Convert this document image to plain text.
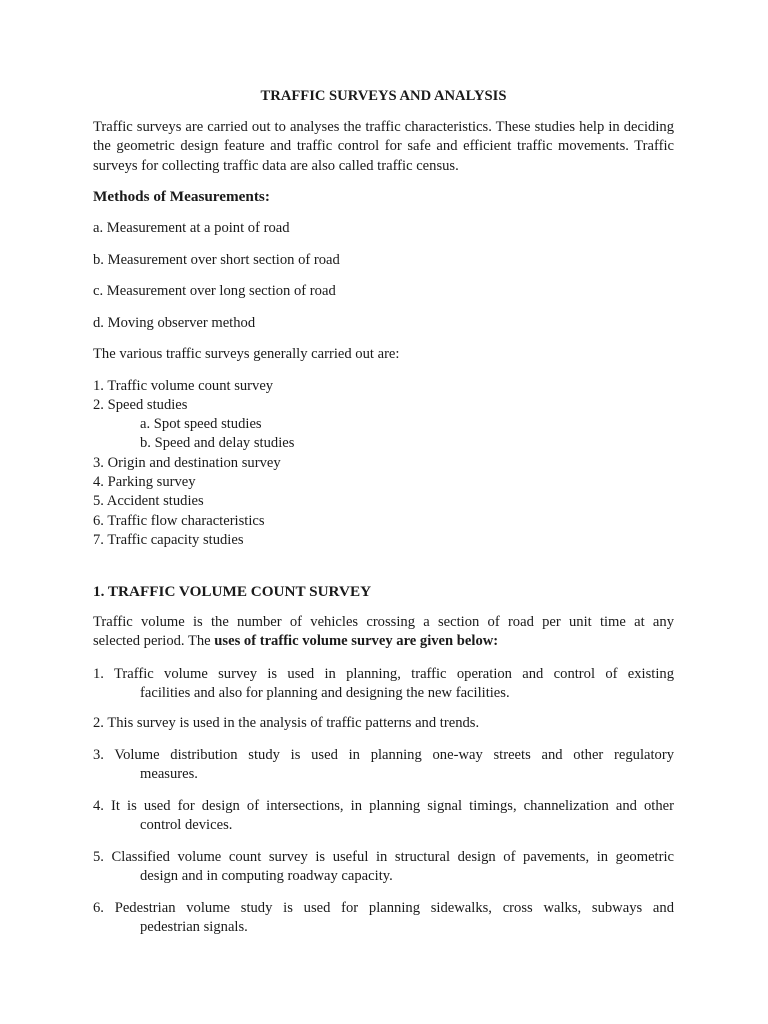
TRAFFIC SURVEYS AND ANALYSIS

Traffic surveys are carried out to analyses the traffic characteristics. These studies help in deciding the geometric design feature and traffic control for safe and efficient traffic movements. Traffic surveys for collecting traffic data are also called traffic census.

Methods of Measurements:
a. Measurement at a point of road
b. Measurement over short section of road
c. Measurement over long section of road
d. Moving observer method
The various traffic surveys generally carried out are:
1. Traffic volume count survey
2. Speed studies
a. Spot speed studies
b. Speed and delay studies
3. Origin and destination survey
4. Parking survey
5. Accident studies
6. Traffic flow characteristics
7. Traffic capacity studies
1. TRAFFIC VOLUME COUNT SURVEY
Traffic volume is the number of vehicles crossing a section of road per unit time at any
selected period. The uses of traffic volume survey are given below:
1. Traffic volume survey is used in planning, traffic operation and control of existing
facilities and also for planning and designing the new facilities.
2. This survey is used in the analysis of traffic patterns and trends.
3. Volume distribution study is used in planning one-way streets and other regulatory
measures.
4. It is used for design of intersections, in planning signal timings, channelization and other
control devices.
5. Classified volume count survey is useful in structural design of pavements, in geometric
design and in computing roadway capacity.
6. Pedestrian volume study is used for planning sidewalks, cross walks, subways and
pedestrian signals.
